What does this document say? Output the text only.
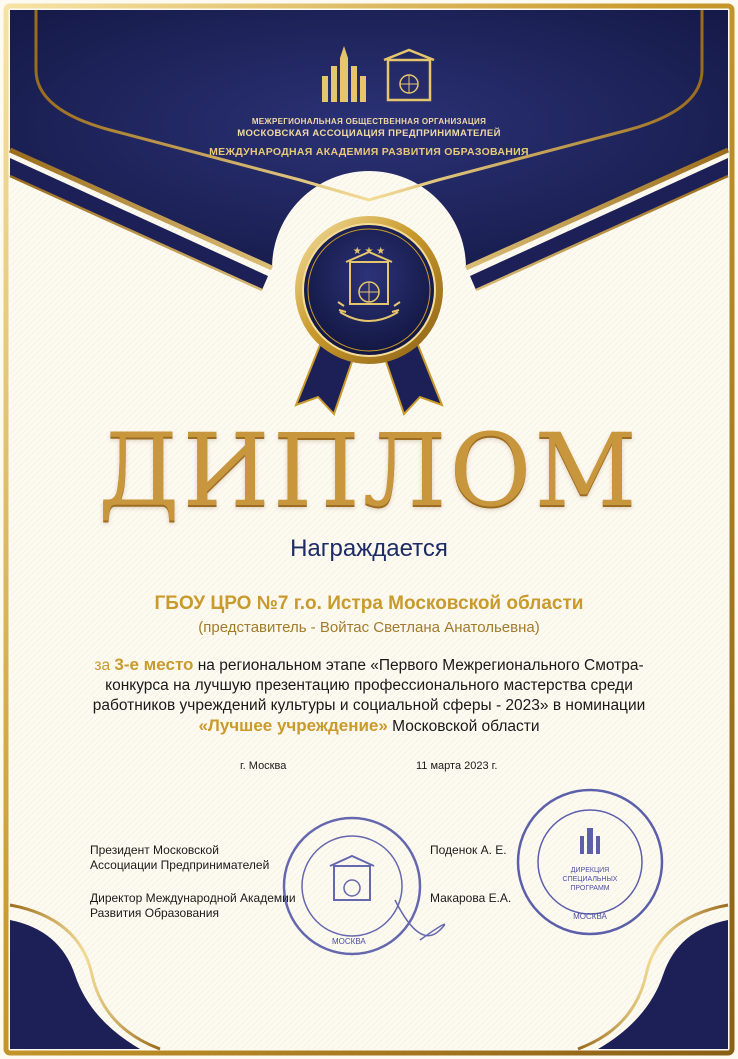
★ ★ ★
МЕЖРЕГИОНАЛЬНАЯ ОБЩЕСТВЕННАЯ ОРГАНИЗАЦИЯ
МОСКОВСКАЯ АССОЦИАЦИЯ ПРЕДПРИНИМАТЕЛЕЙ
МЕЖДУНАРОДНАЯ АКАДЕМИЯ РАЗВИТИЯ ОБРАЗОВАНИЯ
ДИПЛОМ
Награждается
ГБОУ ЦРО №7 г.о. Истра Московской области
(представитель - Войтас Светлана Анатольевна)
за 3-е место на региональном этапе «Первого Межрегионального Смотра-конкурса на лучшую презентацию профессионального мастерства среди работников учреждений культуры и социальной сферы - 2023» в номинации «Лучшее учреждение» Московской области
г. Москва	11 марта 2023 г.
Президент Московской
Ассоциации Предпринимателей
Поденок А. Е.
Директор Международной Академии
Развития Образования
Макарова Е.А.
МОСКВА
ДИРЕКЦИЯ
СПЕЦИАЛЬНЫХ
ПРОГРАММ
МОСКВА
